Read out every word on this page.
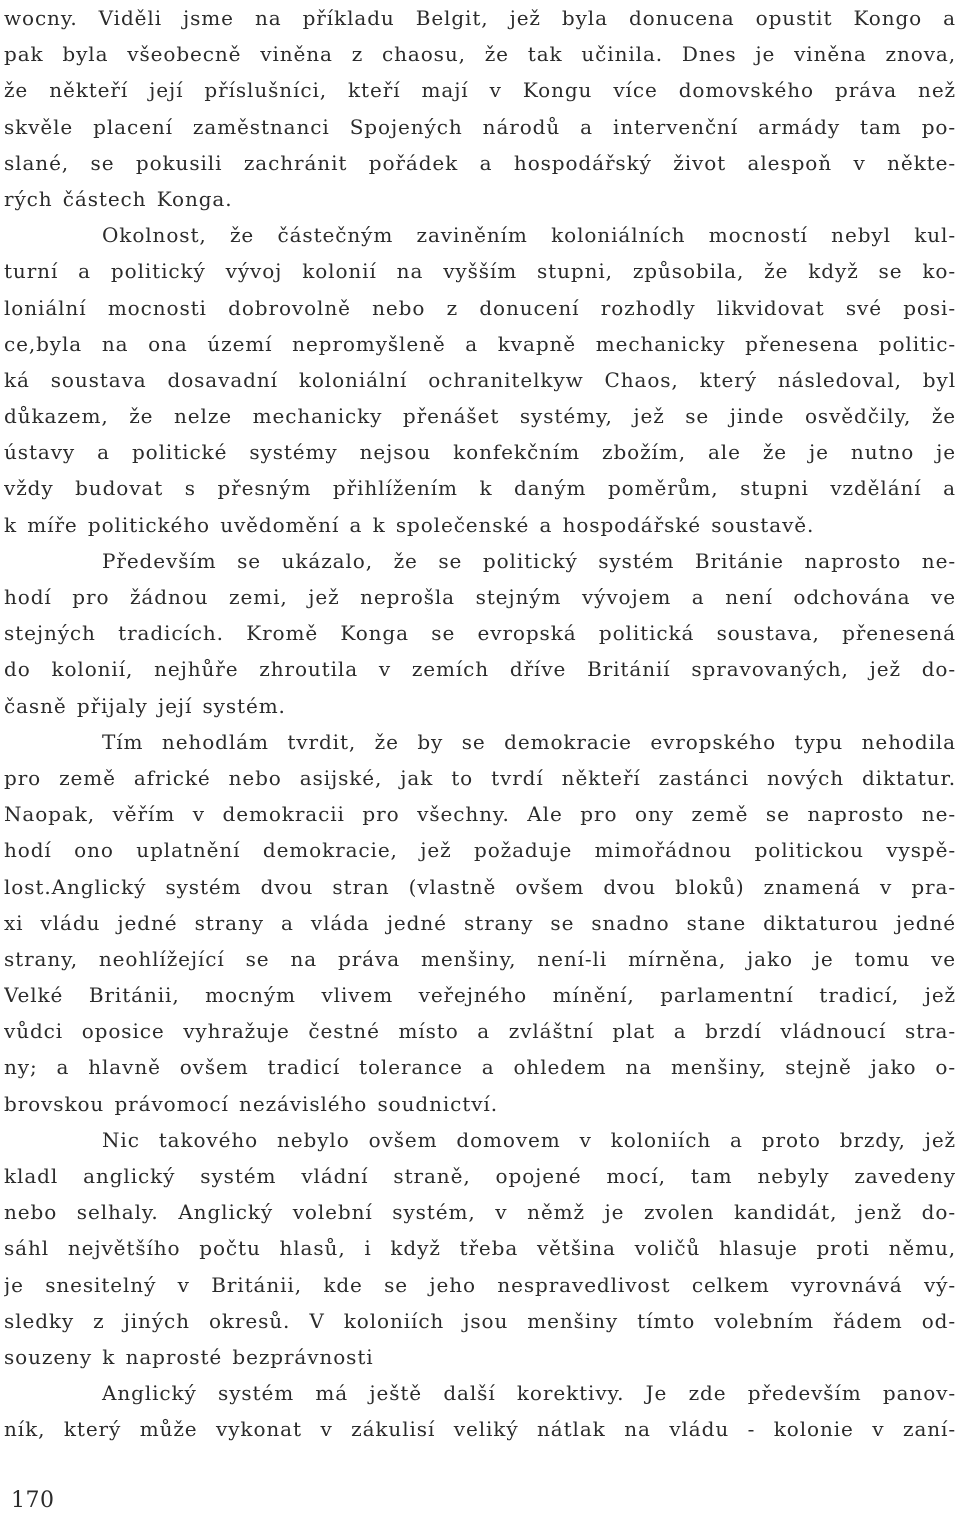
wocny. Viděli jsme na příkladu Belgit, jež byla donucena opustit Kongo a
pak byla všeobecně viněna z chaosu, že tak učinila. Dnes je viněna znova,
že někteří její příslušníci, kteří mají v Kongu více domovského práva než
skvěle placení zaměstnanci Spojených národů a intervenční armády tam po-
slané, se pokusili zachránit pořádek a hospodářský život alespoň v někte-
rých částech Konga.
Okolnost, že částečným zaviněním koloniálních mocností nebyl kul-
turní a politický vývoj kolonií na vyšším stupni, způsobila, že když se ko-
loniální mocnosti dobrovolně nebo z donucení rozhodly likvidovat své posi-
ce,byla na ona území nepromyšleně a kvapně mechanicky přenesena politic-
ká soustava dosavadní koloniální ochranitelkyw Chaos, který následoval, byl
důkazem, že nelze mechanicky přenášet systémy, jež se jinde osvědčily, že
ústavy a politické systémy nejsou konfekčním zbožím, ale že je nutno je
vždy budovat s přesným přihlížením k daným poměrům, stupni vzdělání a
k míře politického uvědomění a k společenské a hospodářské soustavě.
Především se ukázalo, že se politický systém Británie naprosto ne-
hodí pro žádnou zemi, jež neprošla stejným vývojem a není odchována ve
stejných tradicích. Kromě Konga se evropská politická soustava, přenesená
do kolonií, nejhůře zhroutila v zemích dříve Británií spravovaných, jež do-
časně přijaly její systém.
Tím nehodlám tvrdit, že by se demokracie evropského typu nehodila
pro země africké nebo asijské, jak to tvrdí někteří zastánci nových diktatur.
Naopak, věřím v demokracii pro všechny. Ale pro ony země se naprosto ne-
hodí ono uplatnění demokracie, jež požaduje mimořádnou politickou vyspě-
lost.Anglický systém dvou stran (vlastně ovšem dvou bloků) znamená v pra-
xi vládu jedné strany a vláda jedné strany se snadno stane diktaturou jedné
strany, neohlížející se na práva menšiny, není-li mírněna, jako je tomu ve
Velké Británii, mocným vlivem veřejného mínění, parlamentní tradicí, jež
vůdci oposice vyhražuje čestné místo a zvláštní plat a brzdí vládnoucí stra-
ny; a hlavně ovšem tradicí tolerance a ohledem na menšiny, stejně jako o-
brovskou právomocí nezávislého soudnictví.
Nic takového nebylo ovšem domovem v koloniích a proto brzdy, jež
kladl anglický systém vládní straně, opojené mocí, tam nebyly zavedeny
nebo selhaly. Anglický volební systém, v němž je zvolen kandidát, jenž do-
sáhl největšího počtu hlasů, i když třeba většina voličů hlasuje proti němu,
je snesitelný v Británii, kde se jeho nespravedlivost celkem vyrovnává vý-
sledky z jiných okresů. V koloniích jsou menšiny tímto volebním řádem od-
souzeny k naprosté bezprávnosti
Anglický systém má ještě další korektivy. Je zde především panov-
ník, který může vykonat v zákulisí veliký nátlak na vládu - kolonie v zaní-
170
